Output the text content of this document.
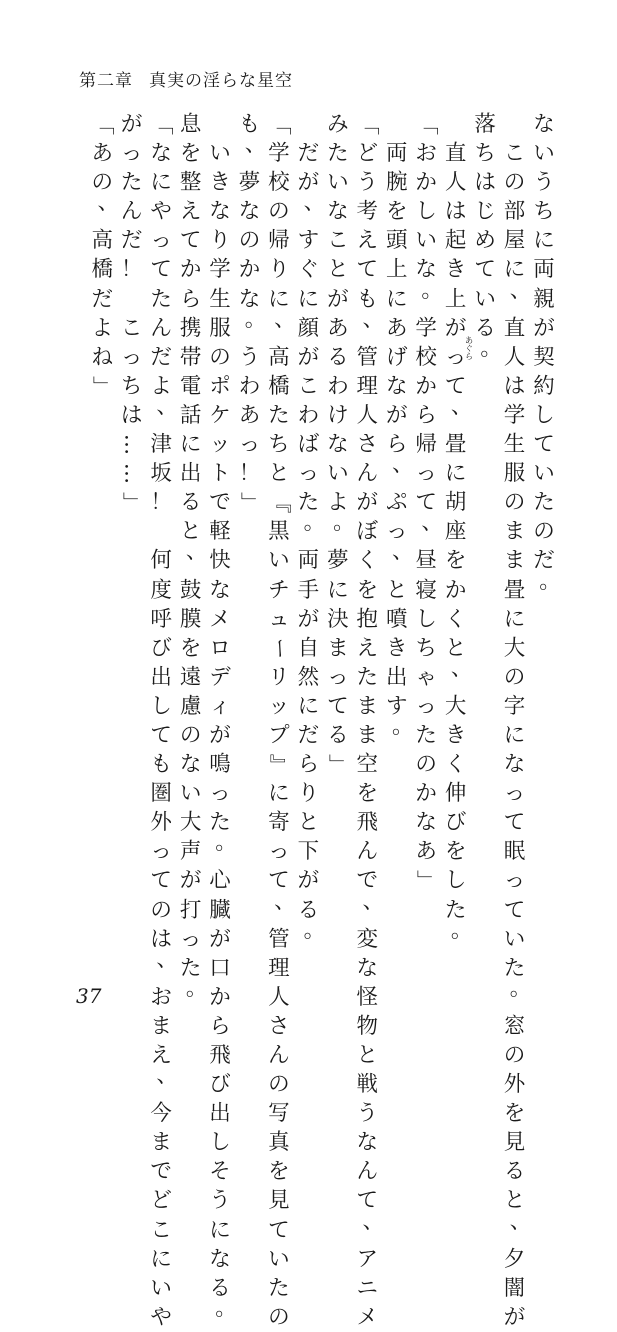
第二章 真実の淫らな星空
な
い
う
ち
に
両
親
が
契
約
し
て
い
た
の
だ
。

こ
の
部
屋
に
、
直
人
は
学
生
服
の
ま
ま
畳
に
大
の
字
に
な
っ
て
眠
っ
て
い
た
。
窓
の
外
を
見
る
と
、
夕
闇
が
落
ち
は
じ
め
て
い
る
。

直
人
は
起
き
上
が
っ
て
、
畳
に
胡
座
を
か
く
と
、
大
き
く
伸
び
を
し
た
。
「
お
か
し
い
な
。
学
校
か
ら
帰
っ
て
、
昼
寝
し
ち
ゃ
っ
た
の
か
な
あ
」

両
腕
を
頭
上
に
あ
げ
な
が
ら
、
ぷ
っ
、
と
噴
き
出
す
。
「
ど
う
考
え
て
も
、
管
理
人
さ
ん
が
ぼ
く
を
抱
え
た
ま
ま
空
を
飛
ん
で
、
変
な
怪
物
と
戦
う
な
ん
て
、
ア
ニ
メ
み
た
い
な
こ
と
が
あ
る
わ
け
な
い
よ
。
夢
に
決
ま
っ
て
る
」

だ
が
、
す
ぐ
に
顔
が
こ
わ
ば
っ
た
。
両
手
が
自
然
に
だ
ら
り
と
下
が
る
。
「
学
校
の
帰
り
に
、
高
橋
た
ち
と
『
黒
い
チ
ュ
ー
リ
ッ
プ
』
に
寄
っ
て
、
管
理
人
さ
ん
の
写
真
を
見
て
い
た
の
も
、
夢
な
の
か
な
。
う
わ
あ
っ
！
」

い
き
な
り
学
生
服
の
ポ
ケ
ッ
ト
で
軽
快
な
メ
ロ
デ
ィ
が
鳴
っ
た
。
心
臓
が
口
か
ら
飛
び
出
し
そ
う
に
な
る
。
息
を
整
え
て
か
ら
携
帯
電
話
に
出
る
と
、
鼓
膜
を
遠
慮
の
な
い
大
声
が
打
っ
た
。
「
な
に
や
っ
て
た
ん
だ
よ
、
津
坂
！

何
度
呼
び
出
し
て
も
圏
外
っ
て
の
は
、
お
ま
え
、
今
ま
で
ど
こ
に
い
や
が
っ
た
ん
だ
！

こ
っ
ち
は
…
…
」
「
あ
の
、
高
橋
だ
よ
ね
」
あぐら
37
